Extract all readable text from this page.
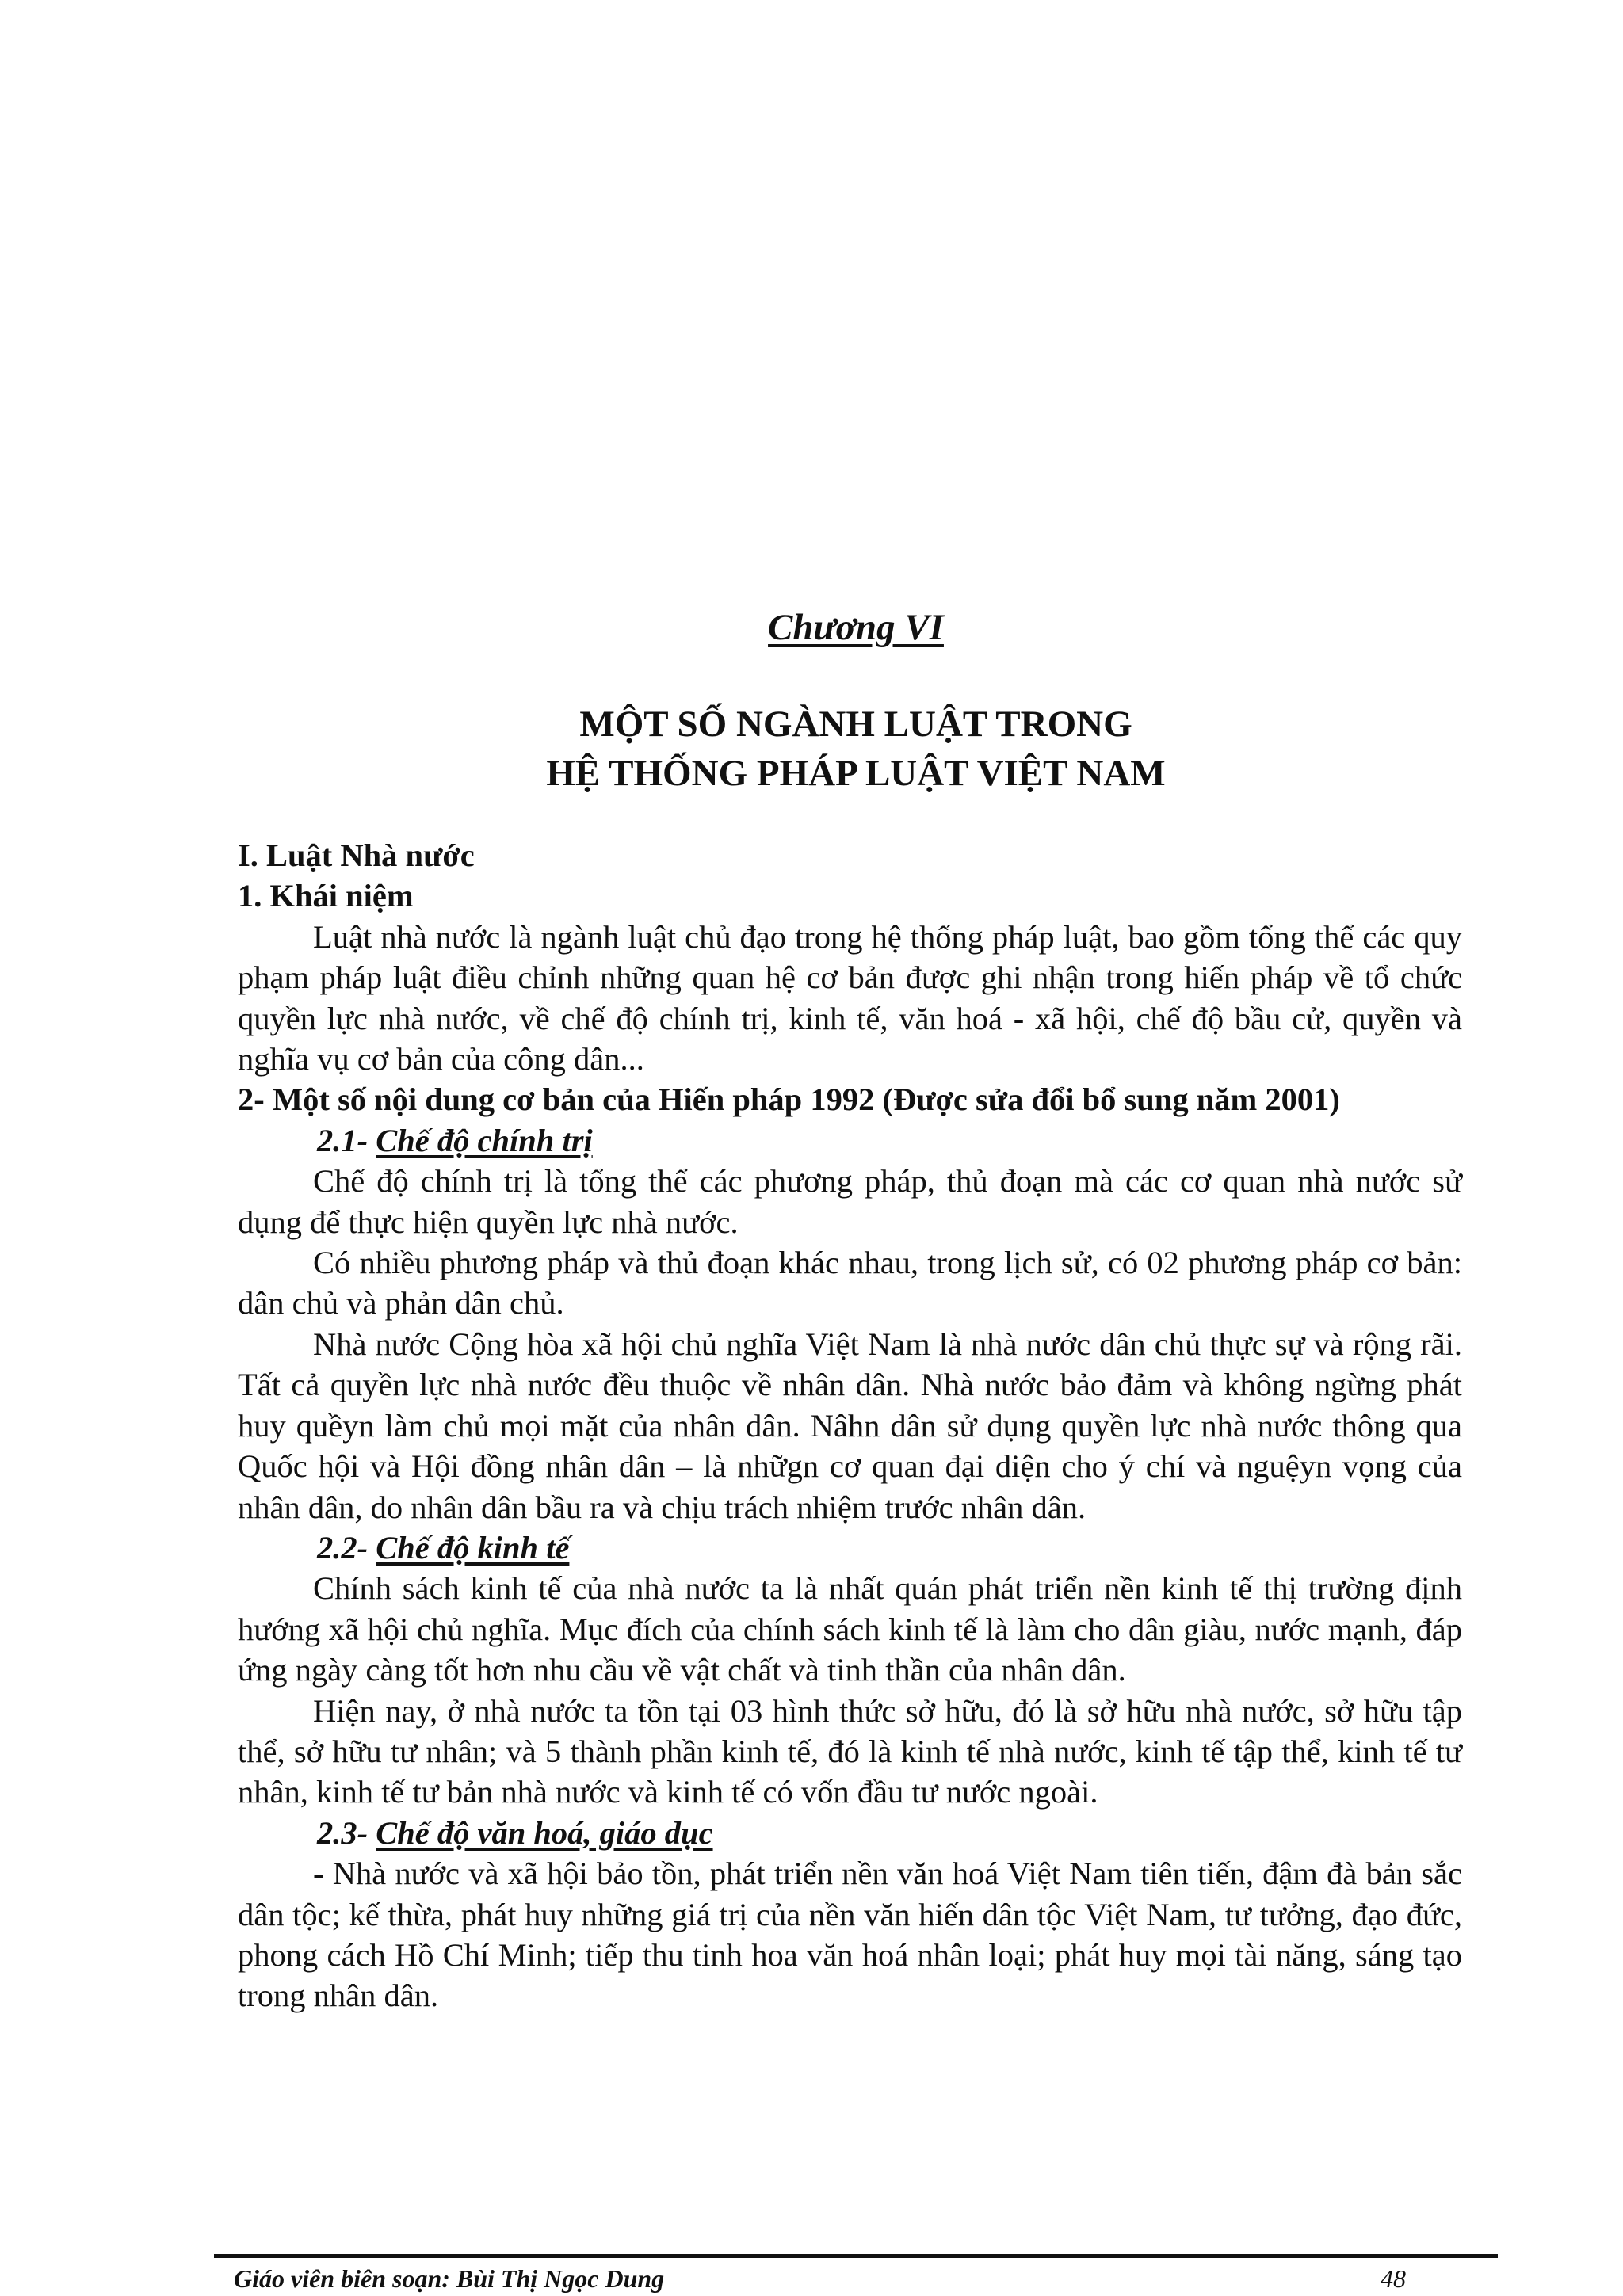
Chương VI
MỘT SỐ NGÀNH LUẬT TRONG
HỆ THỐNG PHÁP LUẬT VIỆT NAM
I. Luật Nhà nước
1. Khái niệm

Luật nhà nước là ngành luật chủ đạo trong hệ thống pháp luật, bao gồm tổng thể các quy phạm pháp luật điều chỉnh những quan hệ cơ bản được ghi nhận trong hiến pháp về tổ chức quyền lực nhà nước, về chế độ chính trị, kinh tế, văn hoá - xã hội, chế độ bầu cử, quyền và nghĩa vụ cơ bản của công dân...

2- Một số nội dung cơ bản của Hiến pháp 1992 (Được sửa đổi bổ sung năm 2001)
2.1- Chế độ chính trị

Chế độ chính trị là tổng thể các phương pháp, thủ đoạn mà các cơ quan nhà nước sử dụng để thực hiện quyền lực nhà nước.

Có nhiều phương pháp và thủ đoạn khác nhau, trong lịch sử, có 02 phương pháp cơ bản: dân chủ và phản dân chủ.

Nhà nước Cộng hòa xã hội chủ nghĩa Việt Nam là nhà nước dân chủ thực sự và rộng rãi. Tất cả quyền lực nhà nước đều thuộc về nhân dân. Nhà nước bảo đảm và không ngừng phát huy quềyn làm chủ mọi mặt của nhân dân. Nâhn dân sử dụng quyền lực nhà nước thông qua Quốc hội và Hội đồng nhân dân – là nhữgn cơ quan đại diện cho ý chí và nguệyn vọng của nhân dân, do nhân dân bầu ra và chịu trách nhiệm trước nhân dân.

2.2- Chế độ kinh tế

Chính sách kinh tế của nhà nước ta là nhất quán phát triển nền kinh tế thị trường định hướng xã hội chủ nghĩa. Mục đích của chính sách kinh tế là làm cho dân giàu, nước mạnh, đáp ứng ngày càng tốt hơn nhu cầu về vật chất và tinh thần của nhân dân.

Hiện nay, ở nhà nước ta tồn tại 03 hình thức sở hữu, đó là sở hữu nhà nước, sở hữu tập thể, sở hữu tư nhân; và 5 thành phần kinh tế, đó là kinh tế nhà nước, kinh tế tập thể, kinh tế tư nhân, kinh tế tư bản nhà nước và kinh tế có vốn đầu tư nước ngoài.

2.3- Chế độ văn hoá, giáo dục

- Nhà nước và xã hội bảo tồn, phát triển nền văn hoá Việt Nam tiên tiến, đậm đà bản sắc dân tộc; kế thừa, phát huy những giá trị của nền văn hiến dân tộc Việt Nam, tư tưởng, đạo đức, phong cách Hồ Chí Minh; tiếp thu tinh hoa văn hoá nhân loại; phát huy mọi tài năng, sáng tạo trong nhân dân.

Giáo viên biên soạn: Bùi Thị Ngọc Dung	48
